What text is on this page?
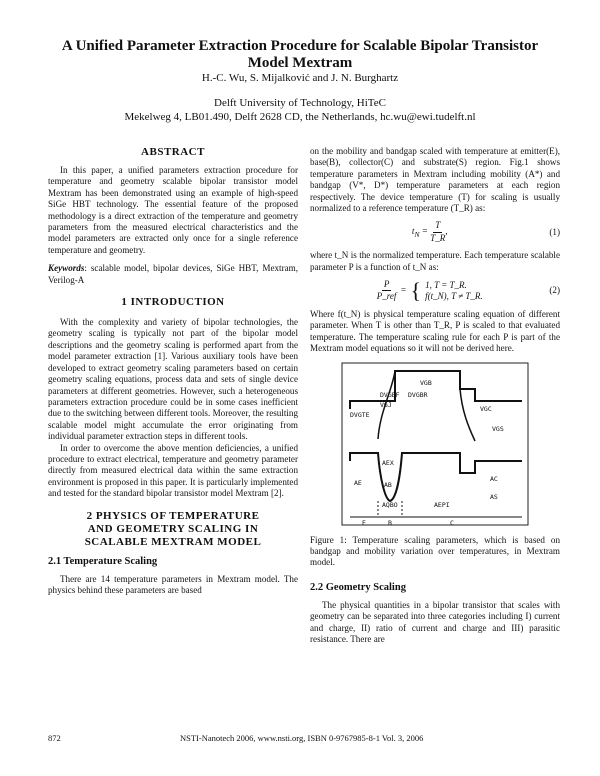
A Unified Parameter Extraction Procedure for Scalable Bipolar Transistor Model Mextram
H.-C. Wu, S. Mijalković and J. N. Burghartz
Delft University of Technology, HiTeC
Mekelweg 4, LB01.490, Delft 2628 CD, the Netherlands, hc.wu@ewi.tudelft.nl
ABSTRACT

In this paper, a unified parameters extraction procedure for temperature and geometry scalable bipolar transistor model Mextram has been demonstrated using an example of high-speed SiGe HBT technology. The essential feature of the proposed methodology is a direct extraction of the temperature and geometry parameters from the measured electrical characteristics and the model parameters are extracted only once for a single reference temperature and geometry.

Keywords: scalable model, bipolar devices, SiGe HBT, Mextram, Verilog-A

1 INTRODUCTION

With the complexity and variety of bipolar technologies, the geometry scaling is typically not part of the bipolar model descriptions and the geometry scaling is performed apart from the model parameter extraction [1]. Various auxiliary tools have been developed to extract geometry scaling parameters based on certain geometry scaling equations, process data and sets of single device parameters at different geometries. However, such a heterogeneous parameters extraction procedure could be in some cases inefficient due to the switching between different tools. Moreover, the resulting scalable model might accumulate the error originating from individual parameter extraction steps in different tools.

In order to overcome the above mention deficiencies, a unified procedure to extract electrical, temperature and geometry parameter directly from measured electrical data within the same extraction environment is proposed in this paper. It is particularly implemented and tested for the standard bipolar transistor model Mextram [2].

2 PHYSICS OF TEMPERATURE
AND GEOMETRY SCALING IN
SCALABLE MEXTRAM MODEL
2.1 Temperature Scaling

There are 14 temperature parameters in Mextram model. The physics behind these parameters are based

on the mobility and bandgap scaled with temperature at emitter(E), base(B), collector(C) and substrate(S) region. Fig.1 shows temperature parameters in Mextram including mobility (A*) and bandgap (V*, D*) temperature parameters at each region respectively. The device temperature (T) for scaling is usually normalized to a reference temperature (T_R) as:

$t_N = \frac{T}{T\_R}$ ,	(1)

where t_N is the normalized temperature. Each temperature scalable parameter P is a function of t_N as:

$\frac{P}{\text{P\_ref}}$ = { 1, T = T_R.
f(t_N), T ≠ T_R.
(2)

Where f(t_N) is physical temperature scaling equation of different parameter. When T is other than T_R, P is scaled to that evaluated temperature. The temperature scaling rule for each P is part of the Mextram model equations so it will not be derived here.

VGB
DVGBF DVGBR
VGJ
DVGTE
VGC
VGS
AEX
AE	AB
AQBO	AEPI
AC
AS
E	B	C

Figure 1: Temperature scaling parameters, which is based on bandgap and mobility variation over temperatures, in Mextram model.

2.2 Geometry Scaling

The physical quantities in a bipolar transistor that scales with geometry can be separated into three categories including I) current and charge, II) ratio of current and charge and III) parasitic resistance. There are

872	NSTI-Nanotech 2006, www.nsti.org, ISBN 0-9767985-8-1 Vol. 3, 2006
